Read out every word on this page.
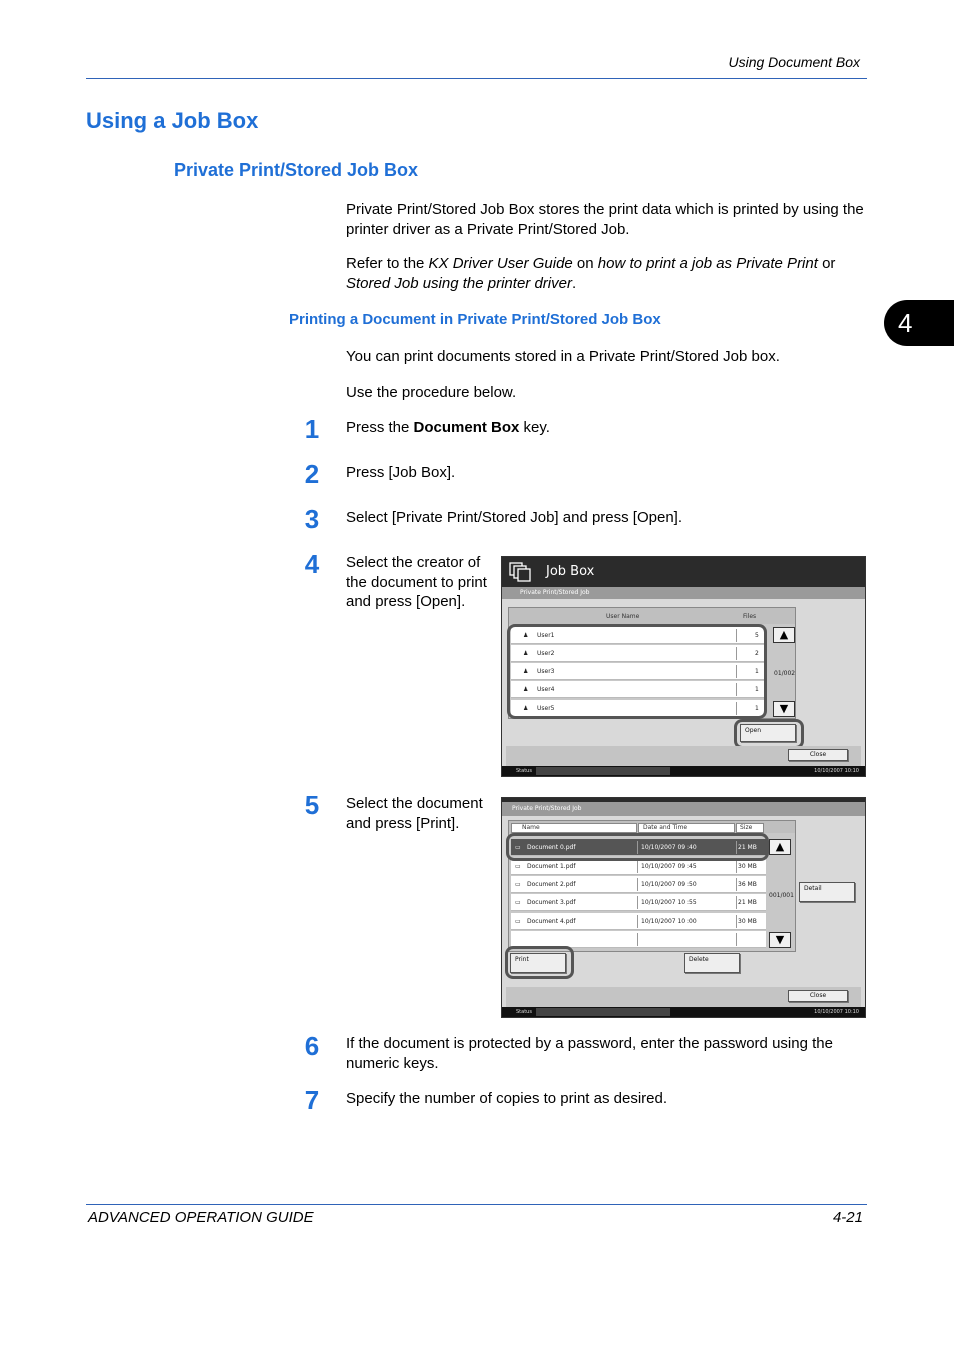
Using Document Box
4
Using a Job Box
Private Print/Stored Job Box
Private Print/Stored Job Box stores the print data which is printed by using the printer driver as a Private Print/Stored Job.
Refer to the KX Driver User Guide on how to print a job as Private Print or Stored Job using the printer driver.
Printing a Document in Private Print/Stored Job Box
You can print documents stored in a Private Print/Stored Job box.
Use the procedure below.
1	Press the Document Box key.
2	Press [Job Box].
3	Select [Private Print/Stored Job] and press [Open].
4	Select the creator of the document to print and press [Open].
Job Box
Private Print/Stored Job
User Name	Files
♟ User1	5
♟ User2	2
♟ User3	1
♟ User4	1
♟ User5	1
▲
01/002
▼
Open
Close
Status	10/10/2007 10:10
5	Select the document and press [Print].
Private Print/Stored Job
Name	Date and Time	Size
▭ Document 0.pdf	10/10/2007 09 :40	21 MB
▭ Document 1.pdf	10/10/2007 09 :45	30 MB
▭ Document 2.pdf	10/10/2007 09 :50	36 MB
▭ Document 3.pdf	10/10/2007 10 :55	21 MB
▭ Document 4.pdf	10/10/2007 10 :00	30 MB
▲
001/001
▼
Detail
Print	Delete
Close
Status	10/10/2007 10:10
6	If the document is protected by a password, enter the password using the numeric keys.
7	Specify the number of copies to print as desired.
ADVANCED OPERATION GUIDE	4-21
